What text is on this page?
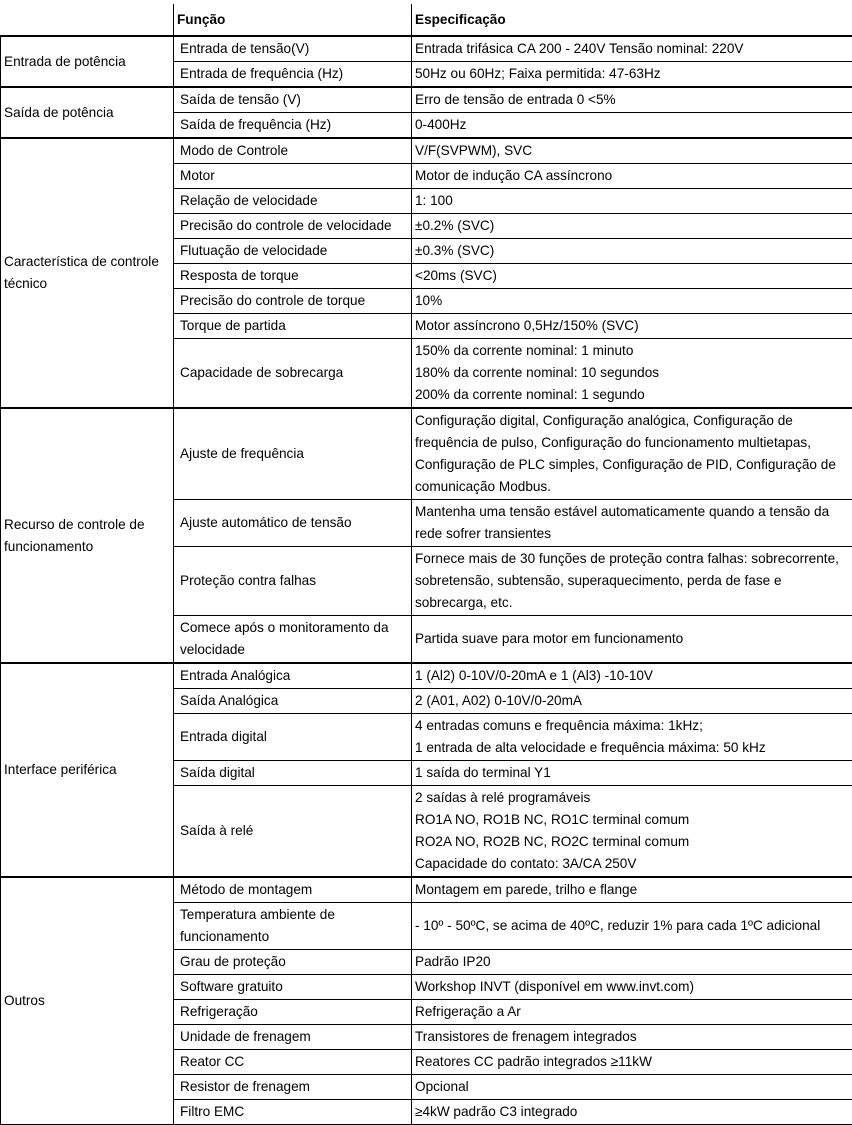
	Função	Especificação
Entrada de potência	Entrada de tensão(V)	Entrada trifásica CA 200 - 240V Tensão nominal: 220V

	Entrada de frequência (Hz)	50Hz ou 60Hz; Faixa permitida: 47-63Hz

Saída de potência	Saída de tensão (V)	Erro de tensão de entrada 0 <5%

	Saída de frequência (Hz)	0-400Hz

Característica de controle técnico	Modo de Controle	V/F(SVPWM), SVC

	Motor	Motor de indução CA assíncrono

	Relação de velocidade	1: 100

	Precisão do controle de velocidade	±0.2% (SVC)

	Flutuação de velocidade	±0.3% (SVC)

	Resposta de torque	<20ms (SVC)

	Precisão do controle de torque	10%

	Torque de partida	Motor assíncrono 0,5Hz/150% (SVC)

	Capacidade de sobrecarga	150% da corrente nominal: 1 minuto
180% da corrente nominal: 10 segundos
200% da corrente nominal: 1 segundo

Recurso de controle de funcionamento	Ajuste de frequência	Configuração digital, Configuração analógica, Configuração de frequência de pulso, Configuração do funcionamento multietapas, Configuração de PLC simples, Configuração de PID, Configuração de comunicação Modbus.

	Ajuste automático de tensão	Mantenha uma tensão estável automaticamente quando a tensão da rede sofrer transientes

	Proteção contra falhas	Fornece mais de 30 funções de proteção contra falhas: sobrecorrente, sobretensão, subtensão, superaquecimento, perda de fase e sobrecarga, etc.

	Comece após o monitoramento da velocidade	Partida suave para motor em funcionamento

Interface periférica	Entrada Analógica	1 (Al2) 0-10V/0-20mA e 1 (Al3) -10-10V

	Saída Analógica	2 (A01, A02) 0-10V/0-20mA

	Entrada digital	4 entradas comuns e frequência máxima: 1kHz;
1 entrada de alta velocidade e frequência máxima: 50 kHz

	Saída digital	1 saída do terminal Y1

	Saída à relé	2 saídas à relé programáveis
RO1A NO, RO1B NC, RO1C terminal comum
RO2A NO, RO2B NC, RO2C terminal comum
Capacidade do contato: 3A/CA 250V

Outros	Método de montagem	Montagem em parede, trilho e flange

	Temperatura ambiente de funcionamento	- 10º - 50ºC, se acima de 40ºC, reduzir 1% para cada 1ºC adicional

	Grau de proteção	Padrão IP20

	Software gratuito	Workshop INVT (disponível em www.invt.com)

	Refrigeração	Refrigeração a Ar

	Unidade de frenagem	Transistores de frenagem integrados

	Reator CC	Reatores CC padrão integrados ≥11kW

	Resistor de frenagem	Opcional

	Filtro EMC	≥4kW padrão C3 integrado
